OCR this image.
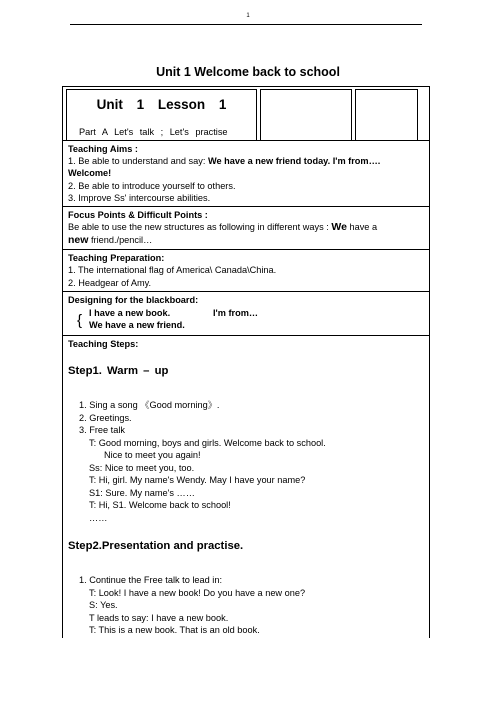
1
Unit 1 Welcome back to school
Unit 1 Lesson 1
Part A Let's talk ; Let's practise
Teaching Aims :
1. Be able to understand and say: We have a new friend today. I'm from….
Welcome!
2. Be able to introduce yourself to others.
3. Improve Ss' intercourse abilities.
Focus Points & Difficult Points :
Be able to use the new structures as following in different ways : We have a
new friend./pencil…
Teaching Preparation:
1. The international flag of America\ Canada\China.
2. Headgear of Amy.
Designing for the blackboard:
{ I have a new book.	I'm from…
We have a new friend.
Teaching Steps:
Step1. Warm – up
1. Sing a song 《Good morning》.
2. Greetings.
3. Free talk
T: Good morning, boys and girls. Welcome back to school.
Nice to meet you again!
Ss: Nice to meet you, too.
T: Hi, girl. My name's Wendy. May I have your name?
S1: Sure. My name's ……
T: Hi, S1. Welcome back to school!
……
Step2.Presentation and practise.
1. Continue the Free talk to lead in:
T: Look! I have a new book! Do you have a new one?
S: Yes.
T leads to say: I have a new book.
T: This is a new book. That is an old book.
